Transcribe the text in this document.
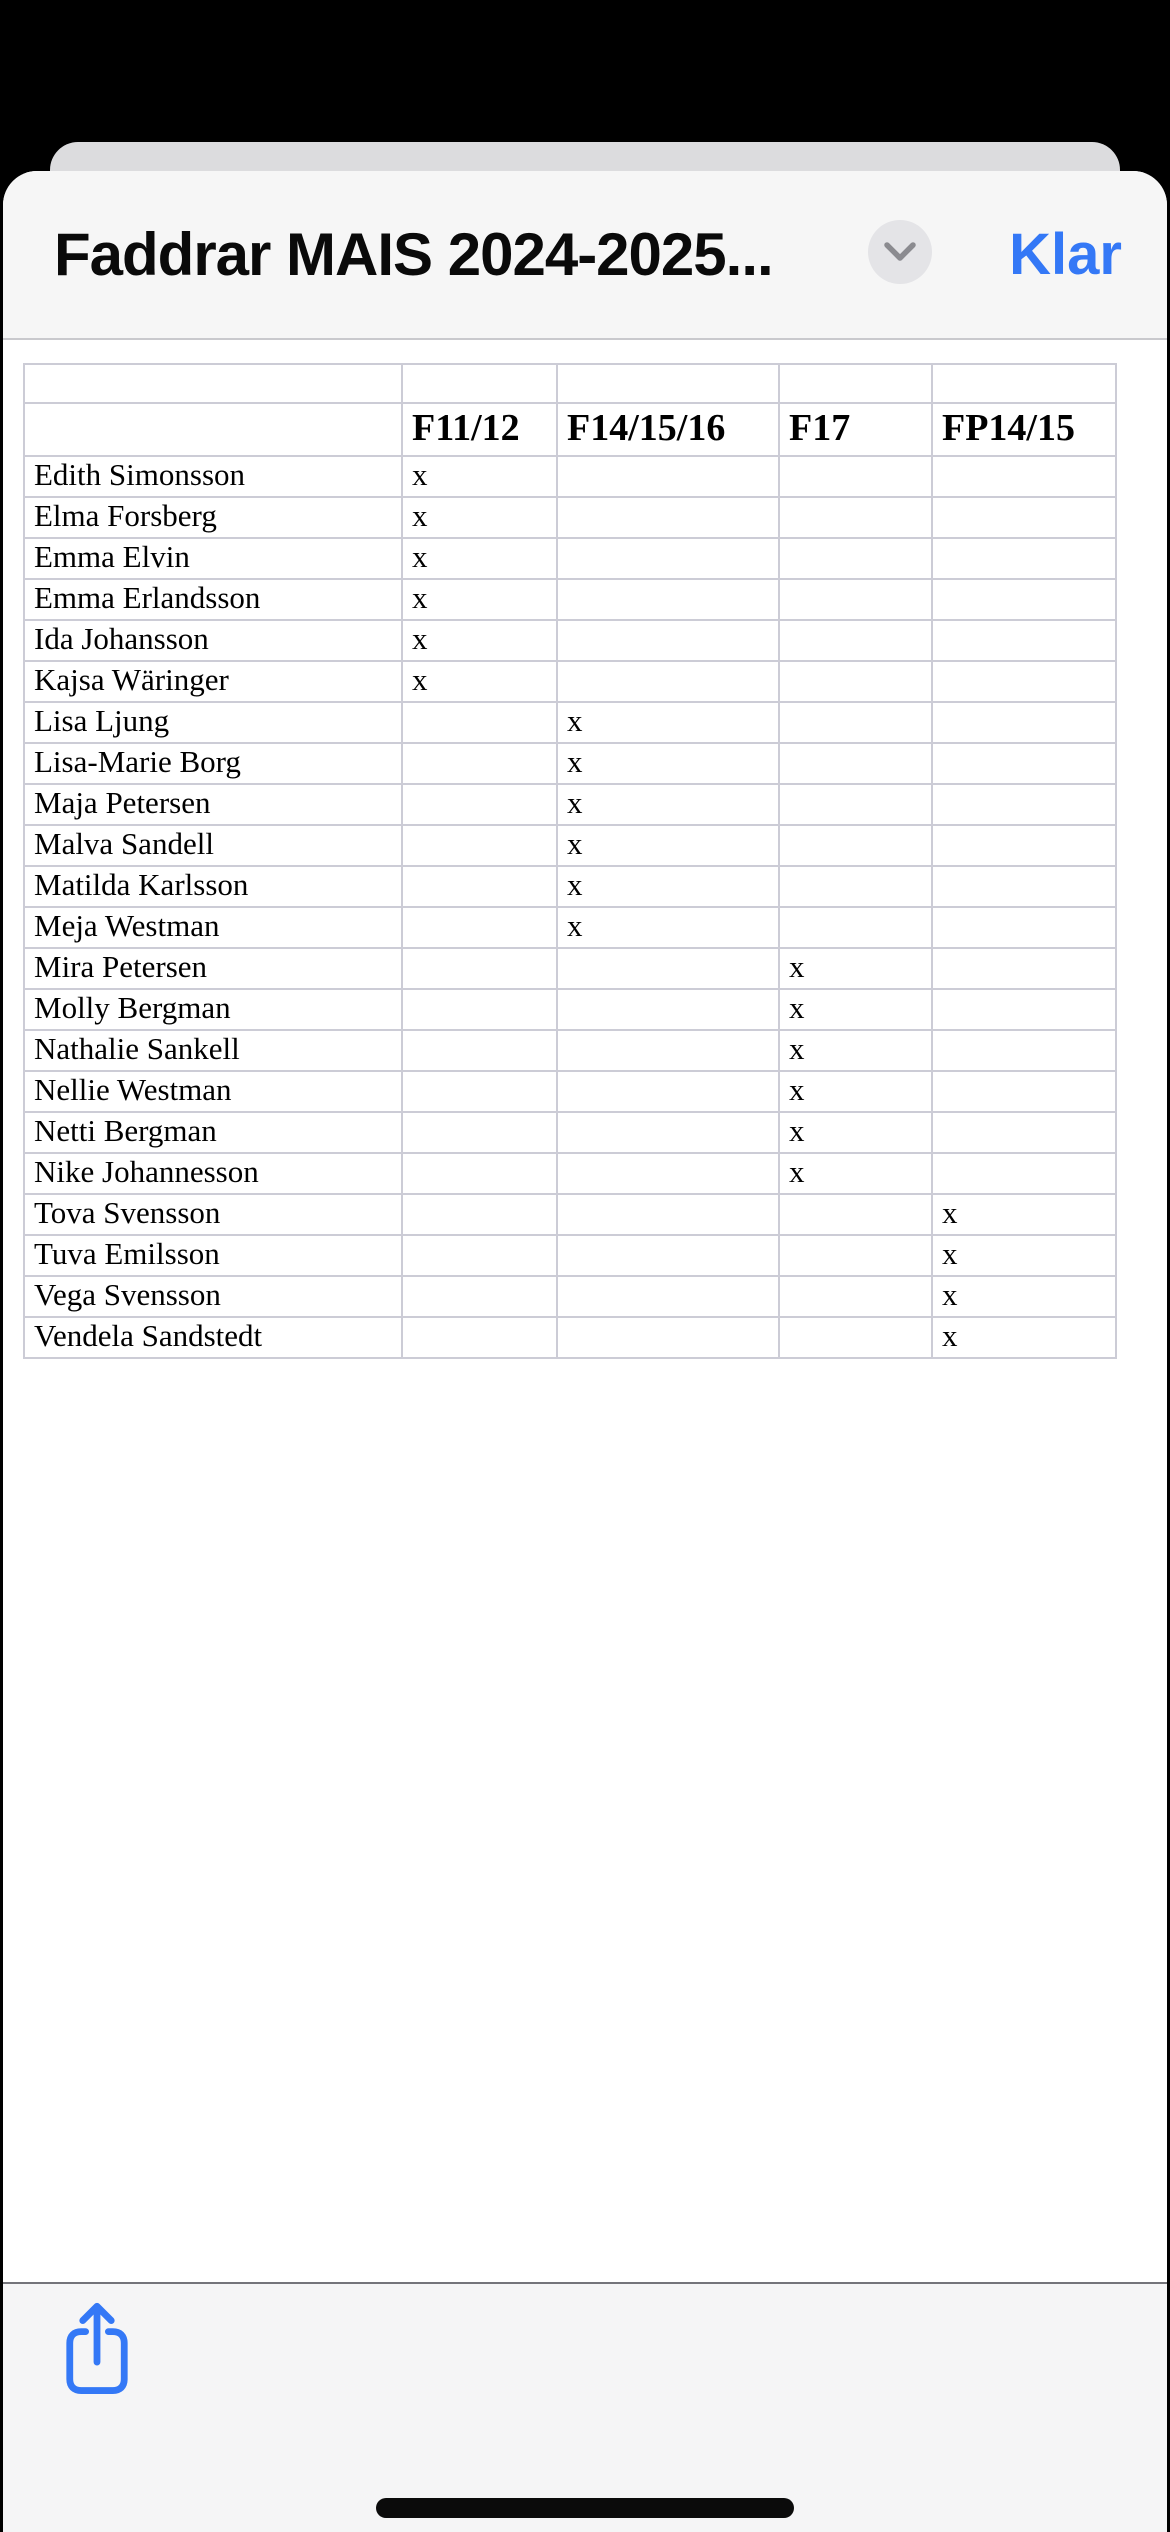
Faddrar MAIS 2024-2025...	Klar

	F11/12	F14/15/16	F17	FP14/15
Edith Simonsson	x			
Elma Forsberg	x			
Emma Elvin	x			
Emma Erlandsson	x			
Ida Johansson	x			
Kajsa Wäringer	x			
Lisa Ljung		x		
Lisa-Marie Borg		x		
Maja Petersen		x		
Malva Sandell		x		
Matilda Karlsson		x		
Meja Westman		x		
Mira Petersen			x	
Molly Bergman			x	
Nathalie Sankell			x	
Nellie Westman			x	
Netti Bergman			x	
Nike Johannesson			x	
Tova Svensson				x
Tuva Emilsson				x
Vega Svensson				x
Vendela Sandstedt				x
